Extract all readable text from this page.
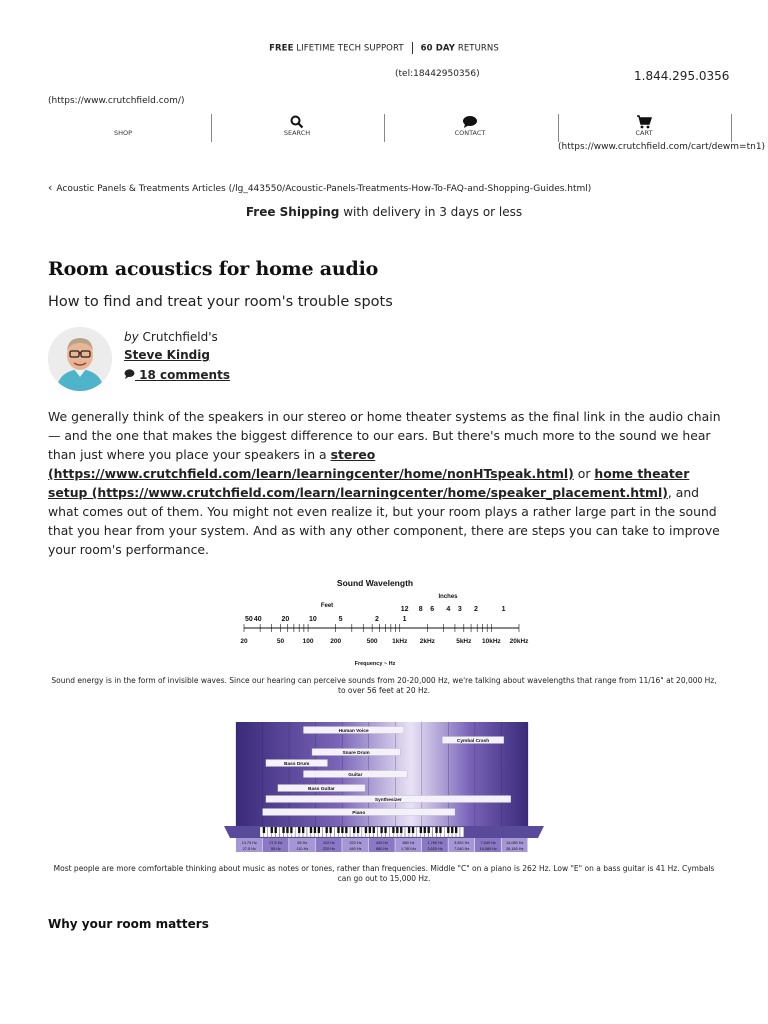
FREE LIFETIME TECH SUPPORT 60 DAY RETURNS
(tel:18442950356)	1.844.295.0356
(https://www.crutchfield.com/)
SHOP	SEARCH	CONTACT	CART
(https://www.crutchfield.com/cart/dewm=tn1)
‹ Acoustic Panels & Treatments Articles (/lg_443550/Acoustic-Panels-Treatments-How-To-FAQ-and-Shopping-Guides.html)
Free Shipping with delivery in 3 days or less
Room acoustics for home audio
How to find and treat your room's trouble spots
by Crutchfield's
Steve Kindig
18 comments

We generally think of the speakers in our stereo or home theater systems as the final link in the audio chain — and the one that makes the biggest difference to our ears. But there's much more to the sound we hear than just where you place your speakers in a stereo (https://www.crutchfield.com/learn/learningcenter/home/nonHTspeak.html) or home theater setup (https://www.crutchfield.com/learn/learningcenter/home/speaker_placement.html), and what comes out of them. You might not even realize it, but your room plays a rather large part in the sound that you hear from your system. And as with any other component, there are steps you can take to improve your room's performance.

Sound Wavelength
Feet
Inches
20	50	100	200	500 1kHz 2kHz	5kHz 10kHz 20kHz
50 40	20	10	5	2	1
12 8 6 4 3 2	1
Frequency ~ Hz
Sound energy is in the form of invisible waves. Since our hearing can perceive sounds from 20-20,000 Hz, we're talking about wavelengths that range from 11/16" at 20,000 Hz, to over 56 feet at 20 Hz.
Human Voice
Cymbal Crash
Snare Drum
Bass Drum
Guitar
Bass Guitar
Synthesizer
Piano
13.75 Hz
27.5 Hz
27.5 Hz
55 Hz
55 Hz
110 Hz
110 Hz
220 Hz
220 Hz
440 Hz
440 Hz
880 Hz
880 Hz
1,760 Hz
1,760 Hz
3,520 Hz
3,520 Hz
7,040 Hz
7,040 Hz
14,080 Hz
14,080 Hz
28,160 Hz
Most people are more comfortable thinking about music as notes or tones, rather than frequencies. Middle "C" on a piano is 262 Hz. Low "E" on a bass guitar is 41 Hz. Cymbals can go out to 15,000 Hz.
Why your room matters
